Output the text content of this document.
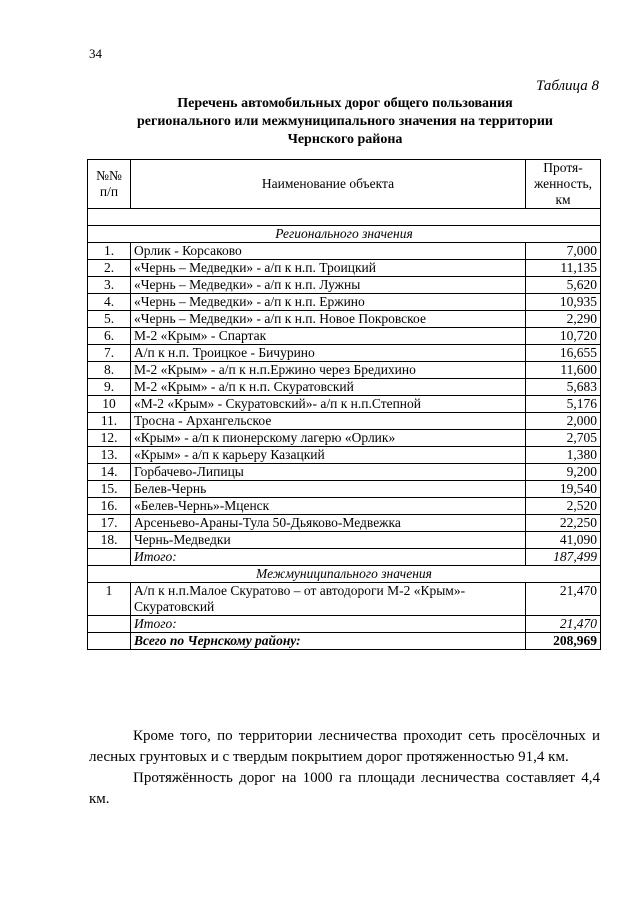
34
Таблица 8
Перечень автомобильных дорог общего пользования
регионального или межмуниципального значения на территории
Чернского района
№№ п/п	Наименование объекта	Протя- женность, км

Регионального значения		
1.	Орлик - Корсаково	7,000
2.	«Чернь – Медведки» - а/п к н.п. Троицкий	11,135
3.	«Чернь – Медведки» - а/п к н.п. Лужны	5,620
4.	«Чернь – Медведки» - а/п к н.п. Ержино	10,935
5.	«Чернь – Медведки» - а/п к н.п. Новое Покровское	2,290
6.	М-2 «Крым» - Спартак	10,720
7.	А/п к н.п. Троицкое - Бичурино	16,655
8.	М-2 «Крым» - а/п к н.п.Ержино через Бредихино	11,600
9.	М-2 «Крым» - а/п к н.п. Скуратовский	5,683
10	«М-2 «Крым» - Скуратовский»- а/п к н.п.Степной	5,176
11.	Тросна - Архангельское	2,000
12.	«Крым» - а/п к пионерскому лагерю «Орлик»	2,705
13.	«Крым» - а/п к карьеру Казацкий	1,380
14.	Горбачево-Липицы	9,200
15.	Белев-Чернь	19,540
16.	«Белев-Чернь»-Мценск	2,520
17.	Арсеньево-Араны-Тула 50-Дьяково-Медвежка	22,250
18.	Чернь-Медведки	41,090
	Итого:	187,499
Межмуниципального значения		
1	А/п к н.п.Малое Скуратово – от автодороги М-2 «Крым»- Скуратовский	21,470
	Итого:	21,470
	Всего по Чернскому району:	208,969

Кроме того, по территории лесничества проходит сеть просёлочных и лесных грунтовых и с твердым покрытием дорог протяженностью 91,4 км.

Протяжённость дорог на 1000 га площади лесничества составляет 4,4 км.
